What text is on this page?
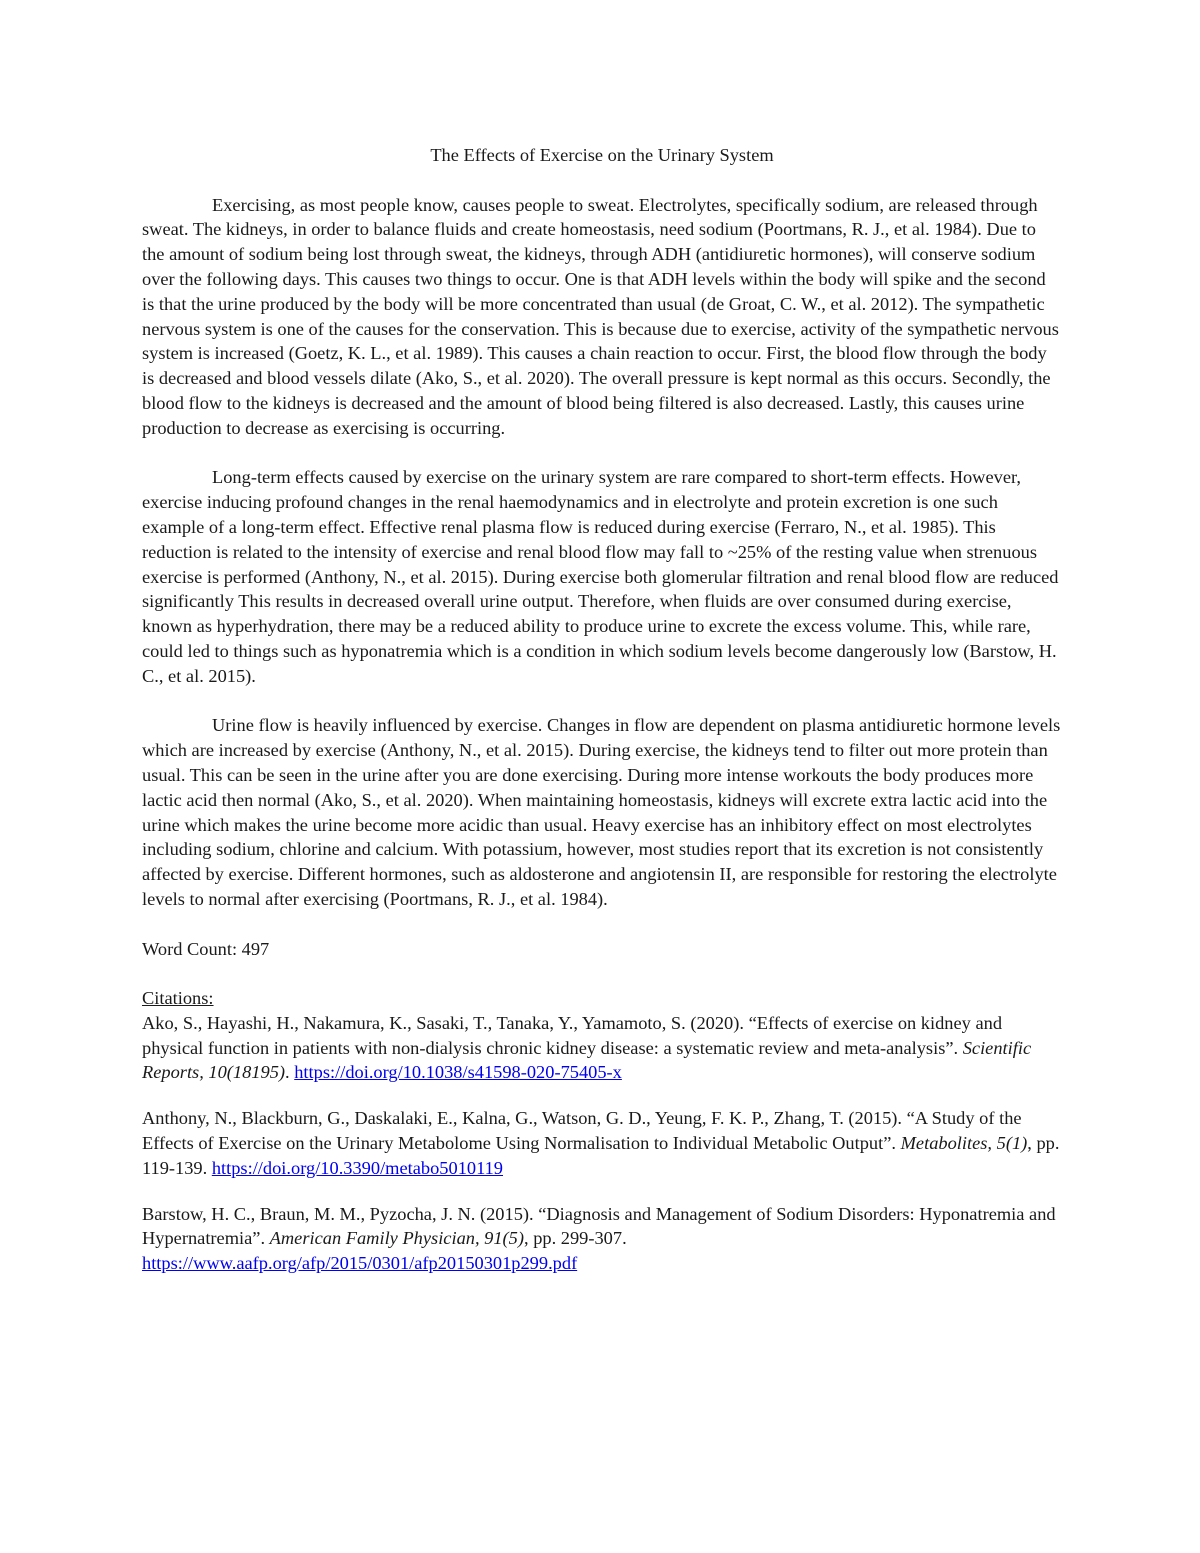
The Effects of Exercise on the Urinary System

Exercising, as most people know, causes people to sweat. Electrolytes, specifically sodium, are released through sweat. The kidneys, in order to balance fluids and create homeostasis, need sodium (Poortmans, R. J., et al. 1984). Due to the amount of sodium being lost through sweat, the kidneys, through ADH (antidiuretic hormones), will conserve sodium over the following days. This causes two things to occur. One is that ADH levels within the body will spike and the second is that the urine produced by the body will be more concentrated than usual (de Groat, C. W., et al. 2012). The sympathetic nervous system is one of the causes for the conservation. This is because due to exercise, activity of the sympathetic nervous system is increased (Goetz, K. L., et al. 1989). This causes a chain reaction to occur. First, the blood flow through the body is decreased and blood vessels dilate (Ako, S., et al. 2020). The overall pressure is kept normal as this occurs. Secondly, the blood flow to the kidneys is decreased and the amount of blood being filtered is also decreased. Lastly, this causes urine production to decrease as exercising is occurring.

Long-term effects caused by exercise on the urinary system are rare compared to short-term effects. However, exercise inducing profound changes in the renal haemodynamics and in electrolyte and protein excretion is one such example of a long-term effect. Effective renal plasma flow is reduced during exercise (Ferraro, N., et al. 1985). This reduction is related to the intensity of exercise and renal blood flow may fall to ~25% of the resting value when strenuous exercise is performed (Anthony, N., et al. 2015). During exercise both glomerular filtration and renal blood flow are reduced significantly This results in decreased overall urine output. Therefore, when fluids are over consumed during exercise, known as hyperhydration, there may be a reduced ability to produce urine to excrete the excess volume. This, while rare, could led to things such as hyponatremia which is a condition in which sodium levels become dangerously low (Barstow, H. C., et al. 2015).

Urine flow is heavily influenced by exercise. Changes in flow are dependent on plasma antidiuretic hormone levels which are increased by exercise (Anthony, N., et al. 2015). During exercise, the kidneys tend to filter out more protein than usual. This can be seen in the urine after you are done exercising. During more intense workouts the body produces more lactic acid then normal (Ako, S., et al. 2020). When maintaining homeostasis, kidneys will excrete extra lactic acid into the urine which makes the urine become more acidic than usual. Heavy exercise has an inhibitory effect on most electrolytes including sodium, chlorine and calcium. With potassium, however, most studies report that its excretion is not consistently affected by exercise. Different hormones, such as aldosterone and angiotensin II, are responsible for restoring the electrolyte levels to normal after exercising (Poortmans, R. J., et al. 1984).

Word Count: 497

Citations:

Ako, S., Hayashi, H., Nakamura, K., Sasaki, T., Tanaka, Y., Yamamoto, S. (2020). “Effects of exercise on kidney and physical function in patients with non-dialysis chronic kidney disease: a systematic review and meta-analysis”. Scientific Reports, 10(18195). https://doi.org/10.1038/s41598-020-75405-x

Anthony, N., Blackburn, G., Daskalaki, E., Kalna, G., Watson, G. D., Yeung, F. K. P., Zhang, T. (2015). “A Study of the Effects of Exercise on the Urinary Metabolome Using Normalisation to Individual Metabolic Output”. Metabolites, 5(1), pp. 119-139. https://doi.org/10.3390/metabo5010119

Barstow, H. C., Braun, M. M., Pyzocha, J. N. (2015). “Diagnosis and Management of Sodium Disorders: Hyponatremia and Hypernatremia”. American Family Physician, 91(5), pp. 299-307. https://www.aafp.org/afp/2015/0301/afp20150301p299.pdf
